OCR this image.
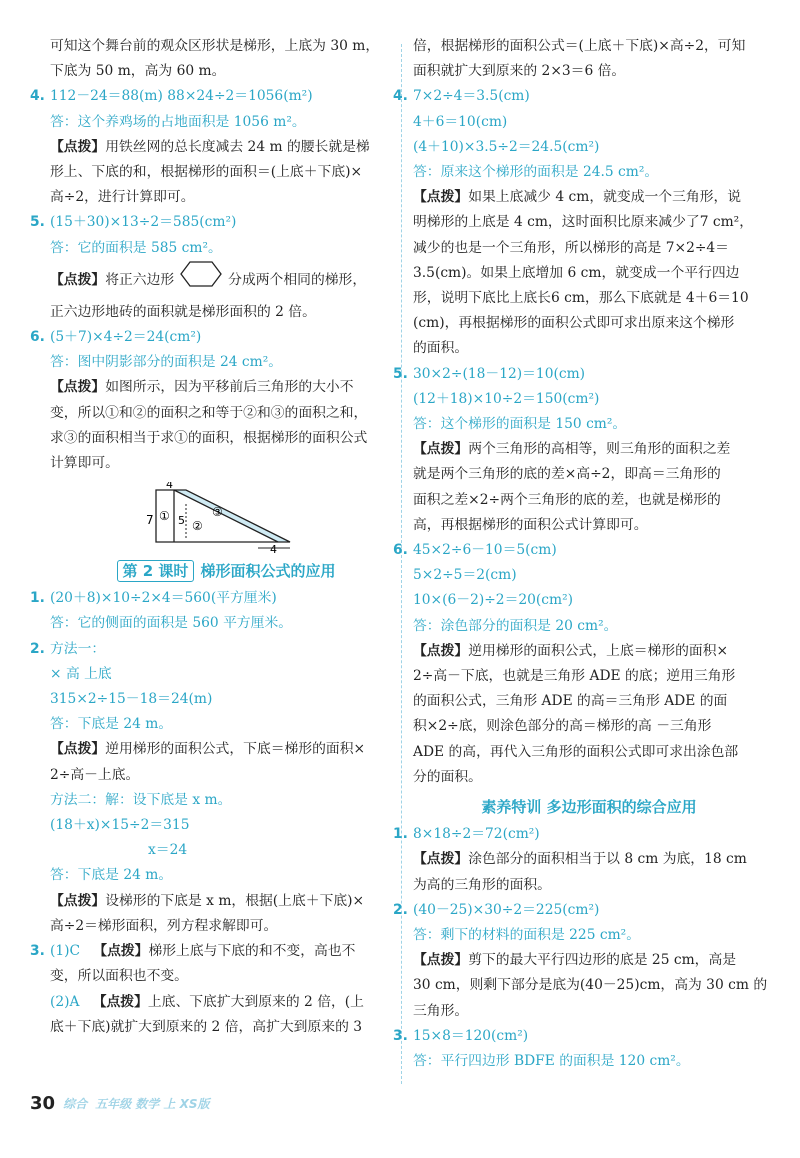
可知这个舞台前的观众区形状是梯形，上底为 30 m，
下底为 50 m，高为 60 m。
4. 112－24＝88(m) 88×24÷2＝1056(m²)
答：这个养鸡场的占地面积是 1056 m²。
【点拨】用铁丝网的总长度减去 24 m 的腰长就是梯
形上、下底的和，根据梯形的面积＝(上底＋下底)×
高÷2，进行计算即可。
5. (15＋30)×13÷2＝585(cm²)
答：它的面积是 585 cm²。
【点拨】将正六边形	分成两个相同的梯形，
正六边形地砖的面积就是梯形面积的 2 倍。
6. (5＋7)×4÷2＝24(cm²)
答：图中阴影部分的面积是 24 cm²。
【点拨】如图所示，因为平移前后三角形的大小不
变，所以①和②的面积之和等于②和③的面积之和，
求③的面积相当于求①的面积，根据梯形的面积公式
计算即可。
4
7 ① 5 ②
③
4
第 2 课时 梯形面积公式的应用
1. (20＋8)×10÷2×4＝560(平方厘米)
答：它的侧面的面积是 560 平方厘米。
2. 方法一：
× 高 上底
315×2÷15－18＝24(m)
答：下底是 24 m。
【点拨】逆用梯形的面积公式，下底＝梯形的面积×
2÷高－上底。
方法二：解：设下底是 x m。
(18＋x)×15÷2＝315
x＝24
答：下底是 24 m。
【点拨】设梯形的下底是 x m，根据(上底＋下底)×
高÷2＝梯形面积，列方程求解即可。
3. (1)C 【点拨】梯形上底与下底的和不变，高也不
变，所以面积也不变。
(2)A 【点拨】上底、下底扩大到原来的 2 倍，(上
底＋下底)就扩大到原来的 2 倍，高扩大到原来的 3
倍，根据梯形的面积公式＝(上底＋下底)×高÷2，可知
面积就扩大到原来的 2×3＝6 倍。
4. 7×2÷4＝3.5(cm)
4＋6＝10(cm)
(4＋10)×3.5÷2＝24.5(cm²)
答：原来这个梯形的面积是 24.5 cm²。
【点拨】如果上底减少 4 cm，就变成一个三角形，说
明梯形的上底是 4 cm，这时面积比原来减少了7 cm²，
减少的也是一个三角形，所以梯形的高是 7×2÷4＝
3.5(cm)。如果上底增加 6 cm，就变成一个平行四边
形，说明下底比上底长6 cm，那么下底就是 4＋6＝10
(cm)，再根据梯形的面积公式即可求出原来这个梯形
的面积。
5. 30×2÷(18－12)＝10(cm)
(12＋18)×10÷2＝150(cm²)
答：这个梯形的面积是 150 cm²。
【点拨】两个三角形的高相等，则三角形的面积之差
就是两个三角形的底的差×高÷2，即高＝三角形的
面积之差×2÷两个三角形的底的差，也就是梯形的
高，再根据梯形的面积公式计算即可。
6. 45×2÷6－10＝5(cm)
5×2÷5＝2(cm)
10×(6－2)÷2＝20(cm²)
答：涂色部分的面积是 20 cm²。
【点拨】逆用梯形的面积公式，上底＝梯形的面积×
2÷高－下底，也就是三角形 ADE 的底；逆用三角形
的面积公式，三角形 ADE 的高＝三角形 ADE 的面
积×2÷底，则涂色部分的高＝梯形的高 －三角形
ADE 的高，再代入三角形的面积公式即可求出涂色部
分的面积。
素养特训 多边形面积的综合应用
1. 8×18÷2＝72(cm²)
【点拨】涂色部分的面积相当于以 8 cm 为底，18 cm
为高的三角形的面积。
2. (40－25)×30÷2＝225(cm²)
答：剩下的材料的面积是 225 cm²。
【点拨】剪下的最大平行四边形的底是 25 cm，高是
30 cm，则剩下部分是底为(40－25)cm，高为 30 cm 的
三角形。
3. 15×8＝120(cm²)
答：平行四边形 BDFE 的面积是 120 cm²。
30 综合 五年级 数学 上 XS版
